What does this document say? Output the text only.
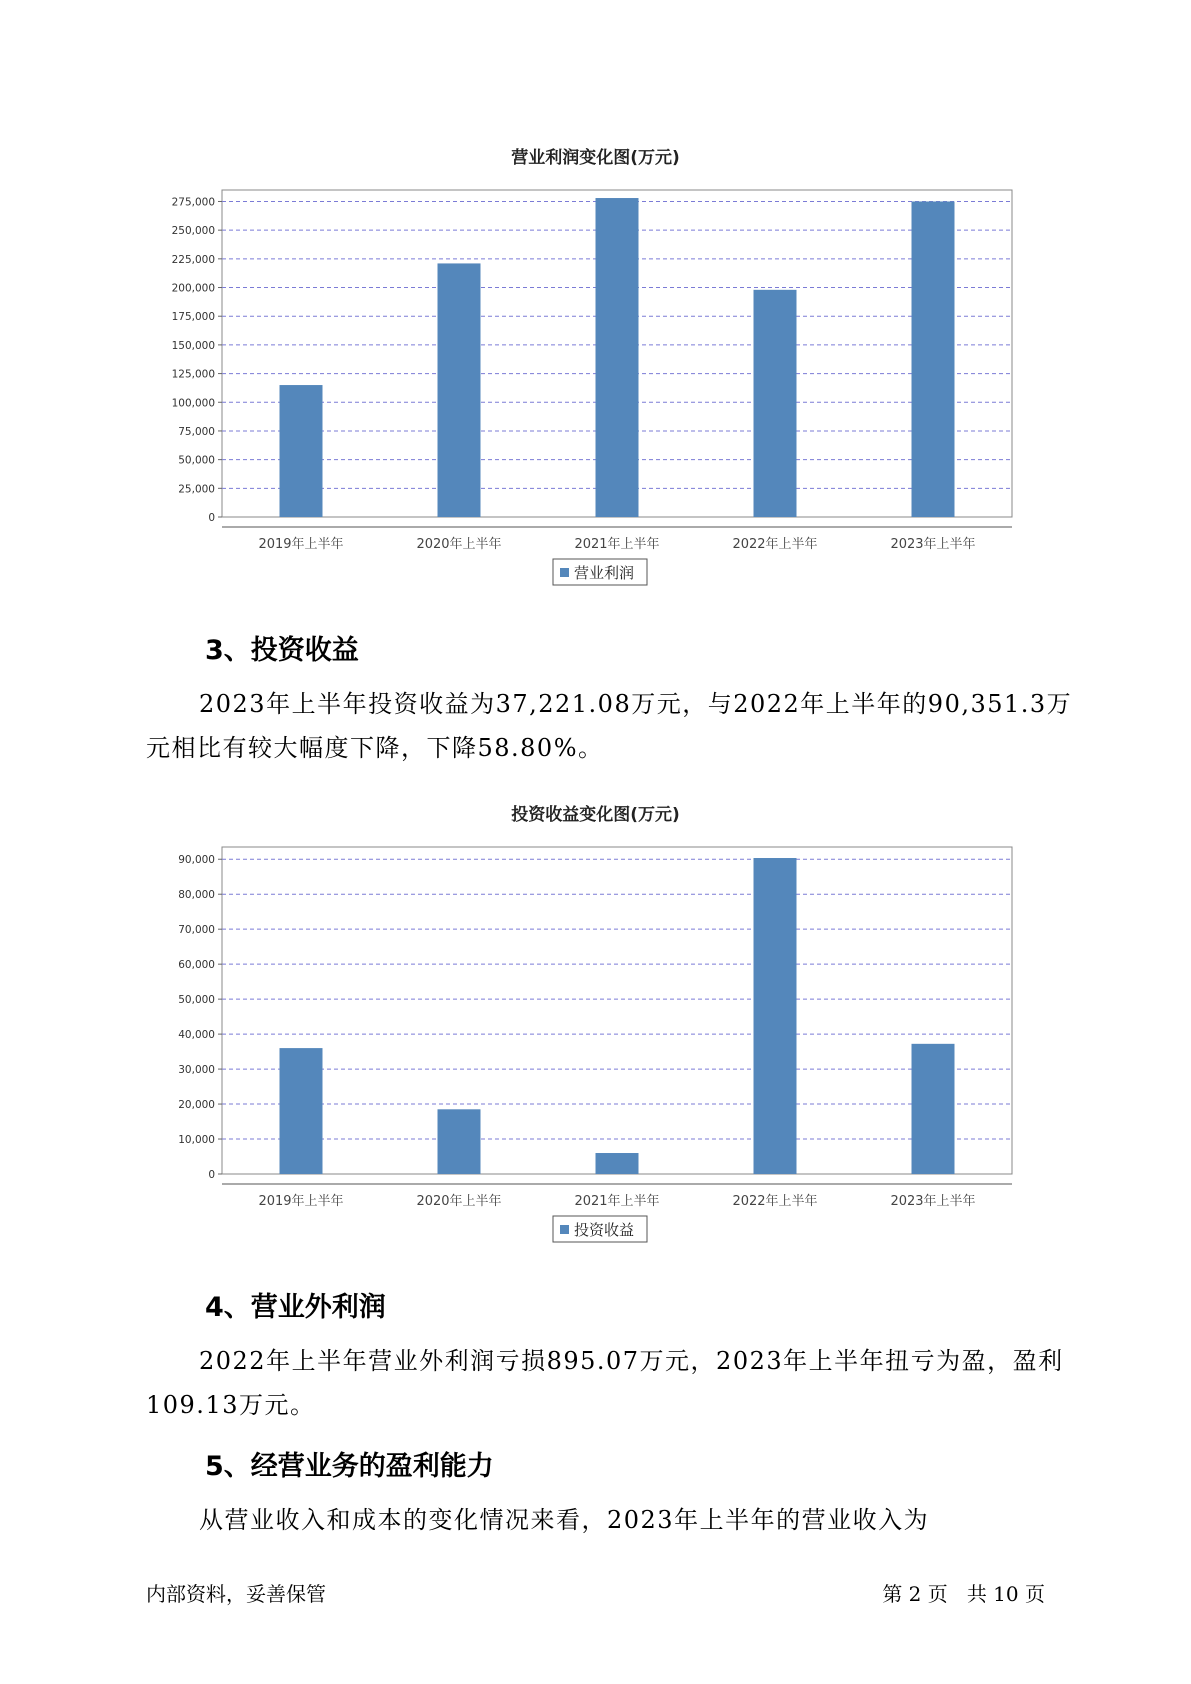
营业利润变化图(万元)
0
25,000
50,000
75,000
100,000
125,000
150,000
175,000
200,000
225,000
250,000
275,000
2019年上半年	2020年上半年	2021年上半年	2022年上半年	2023年上半年
营业利润
3、投资收益

2023年上半年投资收益为37,221.08万元，与2022年上半年的90,351.3万元相比有较大幅度下降，下降58.80%。

投资收益变化图(万元)
0
10,000
20,000
30,000
40,000
50,000
60,000
70,000
80,000
90,000
2019年上半年	2020年上半年	2021年上半年	2022年上半年	2023年上半年
投资收益
4、营业外利润

2022年上半年营业外利润亏损895.07万元，2023年上半年扭亏为盈，盈利109.13万元。

5、经营业务的盈利能力

从营业收入和成本的变化情况来看，2023年上半年的营业收入为

内部资料，妥善保管	第 2 页   共 10 页
